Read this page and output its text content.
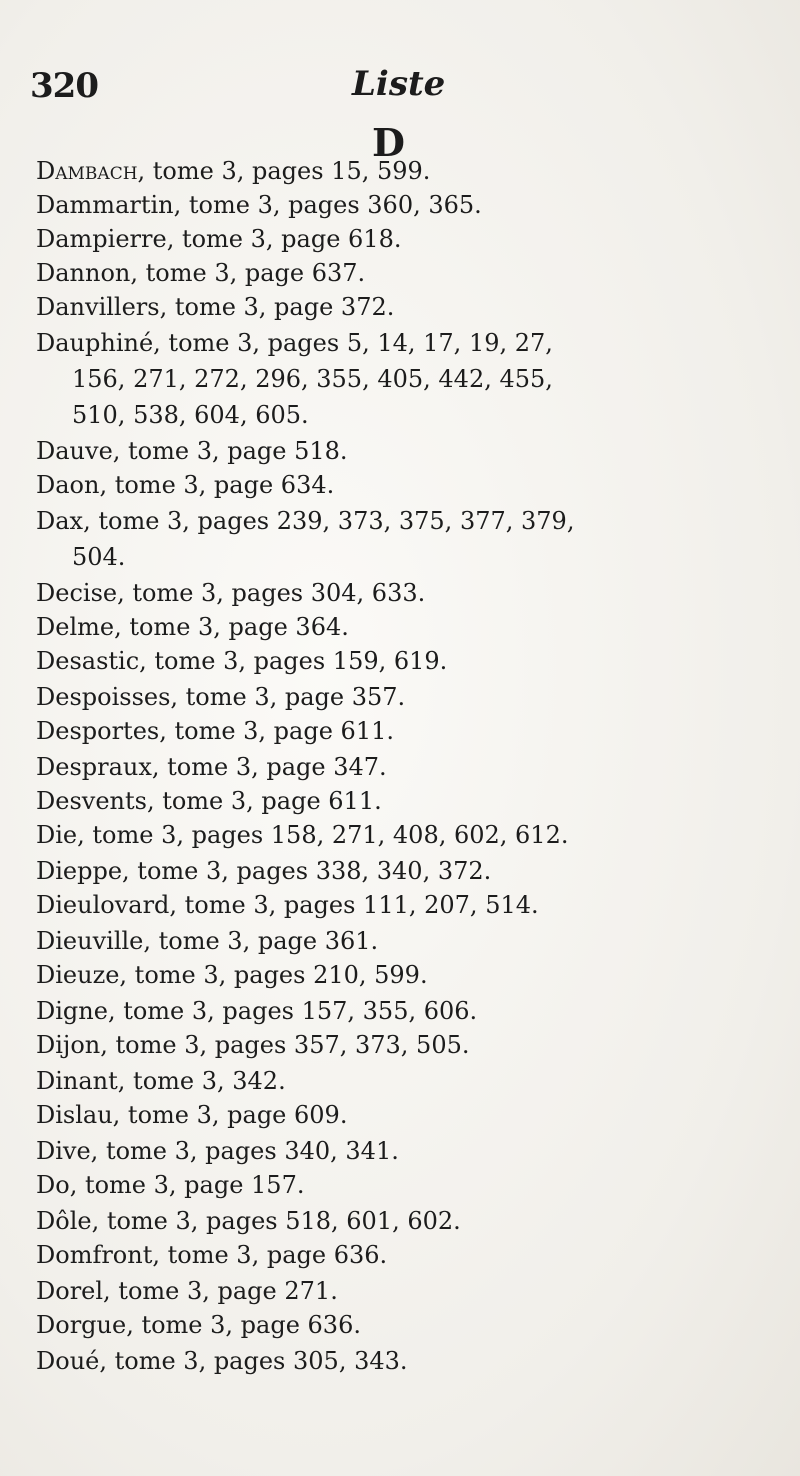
320	Liste
D
Dambach, tome 3, pages 15, 599.
Dammartin, tome 3, pages 360, 365.
Dampierre, tome 3, page 618.
Dannon, tome 3, page 637.
Danvillers, tome 3, page 372.
Dauphiné, tome 3, pages 5, 14, 17, 19, 27,
156, 271, 272, 296, 355, 405, 442, 455,
510, 538, 604, 605.
Dauve, tome 3, page 518.
Daon, tome 3, page 634.
Dax, tome 3, pages 239, 373, 375, 377, 379,
504.
Decise, tome 3, pages 304, 633.
Delme, tome 3, page 364.
Desastic, tome 3, pages 159, 619.
Despoisses, tome 3, page 357.
Desportes, tome 3, page 611.
Despraux, tome 3, page 347.
Desvents, tome 3, page 611.
Die, tome 3, pages 158, 271, 408, 602, 612.
Dieppe, tome 3, pages 338, 340, 372.
Dieulovard, tome 3, pages 111, 207, 514.
Dieuville, tome 3, page 361.
Dieuze, tome 3, pages 210, 599.
Digne, tome 3, pages 157, 355, 606.
Dijon, tome 3, pages 357, 373, 505.
Dinant, tome 3, 342.
Dislau, tome 3, page 609.
Dive, tome 3, pages 340, 341.
Do, tome 3, page 157.
Dôle, tome 3, pages 518, 601, 602.
Domfront, tome 3, page 636.
Dorel, tome 3, page 271.
Dorgue, tome 3, page 636.
Doué, tome 3, pages 305, 343.
